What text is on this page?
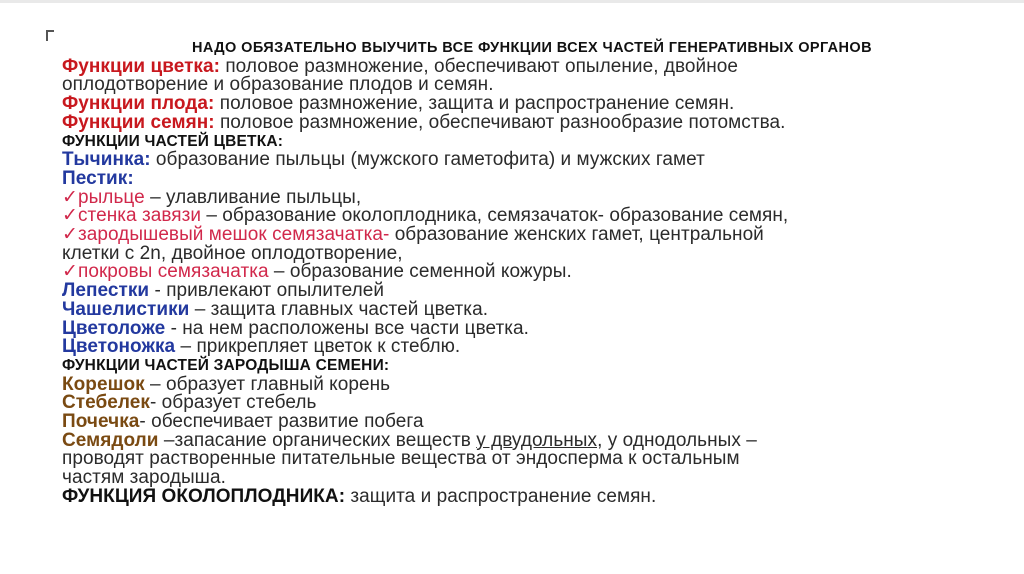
НАДО ОБЯЗАТЕЛЬНО ВЫУЧИТЬ ВСЕ ФУНКЦИИ ВСЕХ ЧАСТЕЙ ГЕНЕРАТИВНЫХ ОРГАНОВ
Функции цветка: половое размножение, обеспечивают опыление, двойное
оплодотворение и образование плодов и семян.
Функции плода: половое размножение, защита и распространение семян.
Функции семян: половое размножение, обеспечивают разнообразие потомства.
ФУНКЦИИ ЧАСТЕЙ ЦВЕТКА:
Тычинка: образование пыльцы (мужского гаметофита) и мужских гамет
Пестик:
✓рыльце – улавливание пыльцы,
✓стенка завязи – образование околоплодника, семязачаток- образование семян,
✓зародышевый мешок семязачатка- образование женских гамет, центральной
клетки с 2n, двойное оплодотворение,
✓покровы семязачатка – образование семенной кожуры.
Лепестки - привлекают опылителей
Чашелистики – защита главных частей цветка.
Цветоложе - на нем расположены все части цветка.
Цветоножка – прикрепляет цветок к стеблю.
ФУНКЦИИ ЧАСТЕЙ ЗАРОДЫША СЕМЕНИ:
Корешок – образует главный корень
Стебелек- образует стебель
Почечка- обеспечивает развитие побега
Семядоли –запасание органических веществ у двудольных, у однодольных –
проводят растворенные питательные вещества от эндосперма к остальным
частям зародыша.
ФУНКЦИЯ ОКОЛОПЛОДНИКА: защита и распространение семян.
